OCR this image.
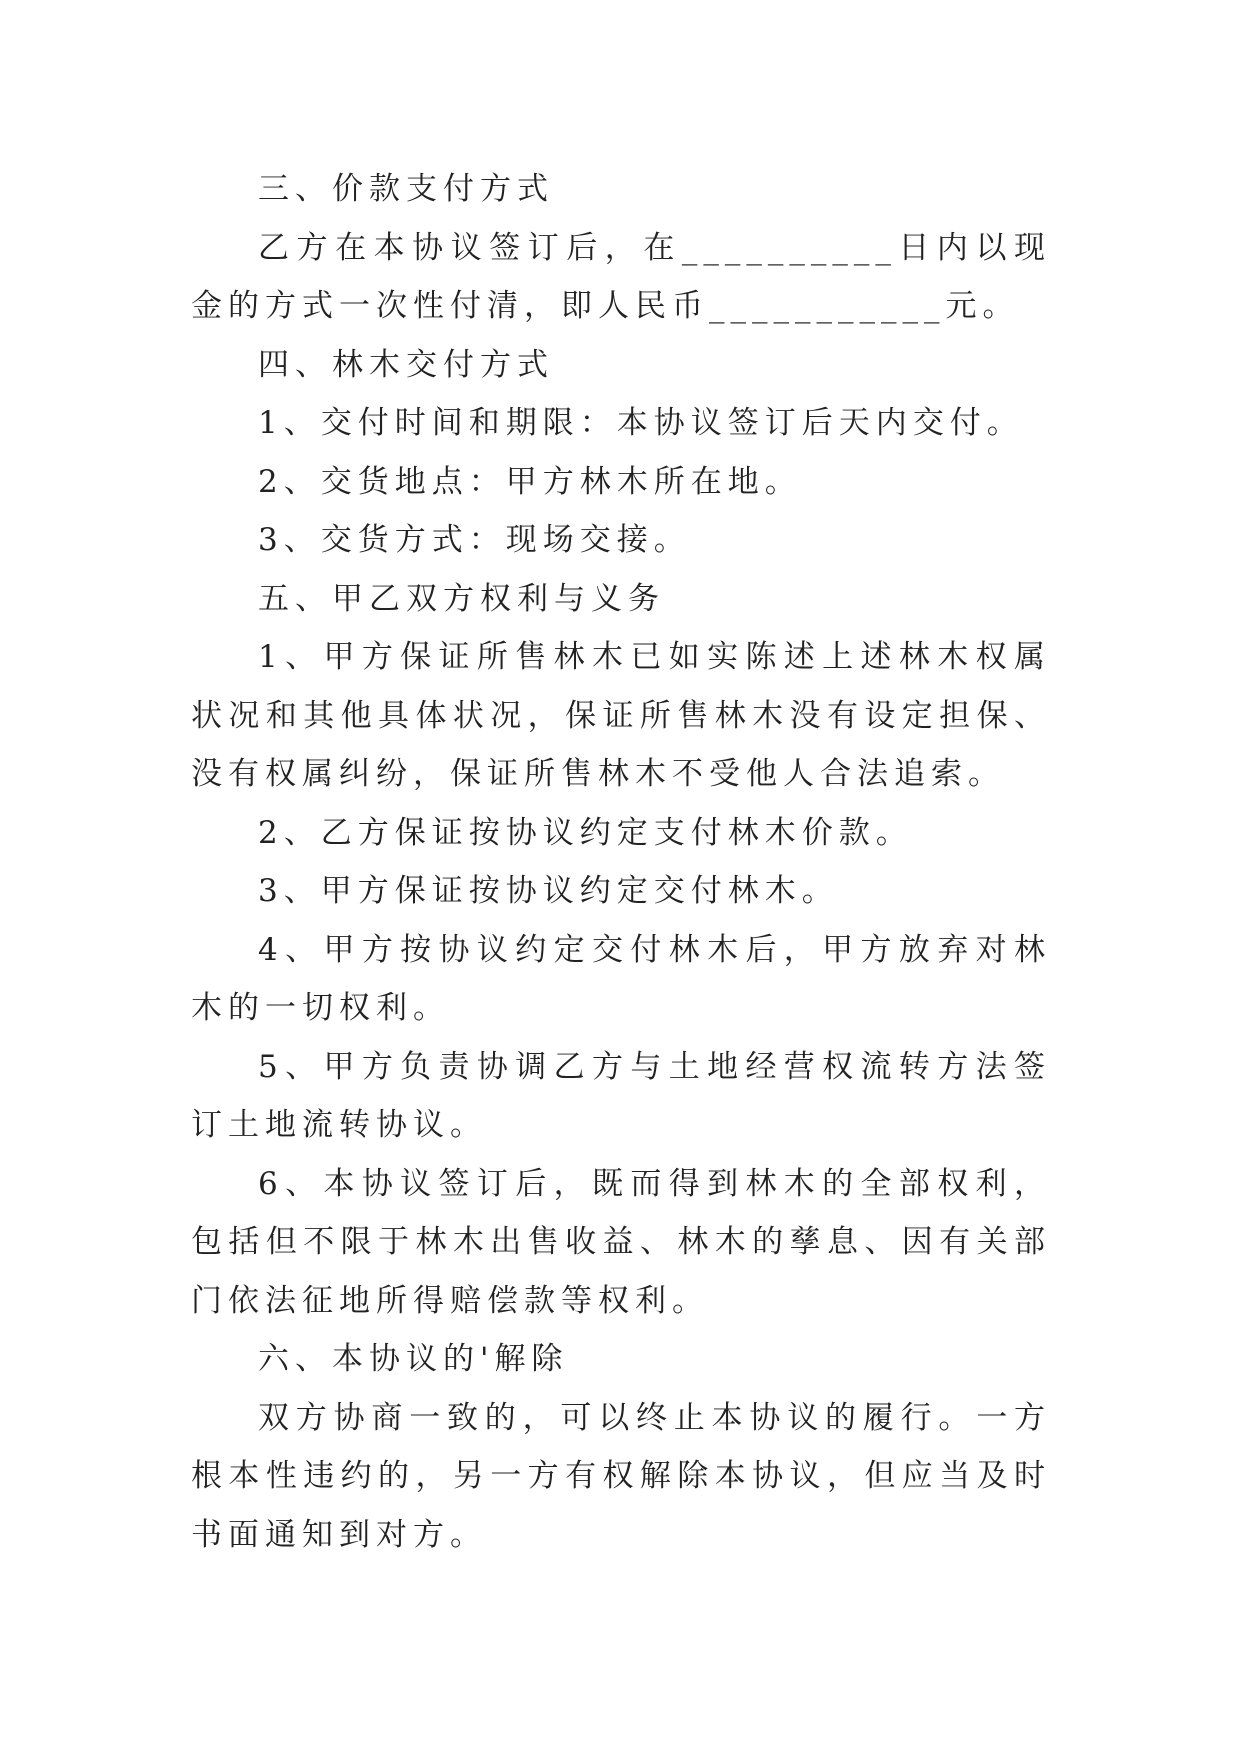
三、价款支付方式

乙方在本协议签订后，在__________日内以现金的方式一次性付清，即人民币___________元。

四、林木交付方式

1、交付时间和期限：本协议签订后天内交付。

2、交货地点：甲方林木所在地。

3、交货方式：现场交接。

五、甲乙双方权利与义务

1、甲方保证所售林木已如实陈述上述林木权属状况和其他具体状况，保证所售林木没有设定担保、没有权属纠纷，保证所售林木不受他人合法追索。

2、乙方保证按协议约定支付林木价款。

3、甲方保证按协议约定交付林木。

4、甲方按协议约定交付林木后，甲方放弃对林木的一切权利。

5、甲方负责协调乙方与土地经营权流转方法签订土地流转协议。

6、本协议签订后，既而得到林木的全部权利，包括但不限于林木出售收益、林木的孳息、因有关部门依法征地所得赔偿款等权利。

六、本协议的'解除

双方协商一致的，可以终止本协议的履行。一方根本性违约的，另一方有权解除本协议，但应当及时书面通知到对方。
